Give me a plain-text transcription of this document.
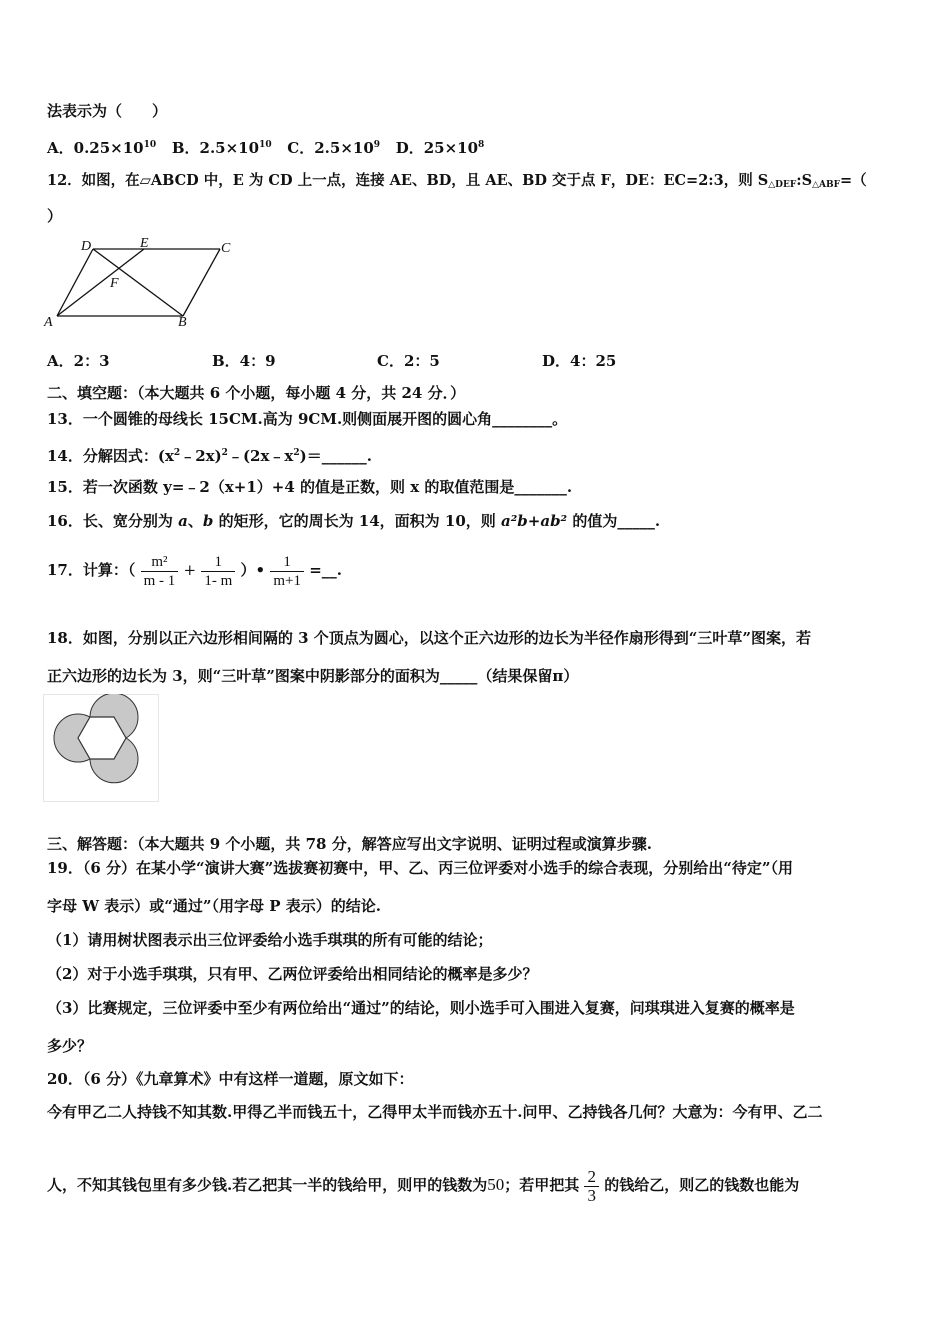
法表示为（　　）
A．$0.25\times 10^{10}$ B．$2.5\times 10^{10}$ C．$2.5\times 10^9$ D．$25\times 10^8$
12．如图，在▱ABCD 中，E 为 CD 上一点，连接 AE、BD，且 AE、BD 交于点 F，DE：EC=2:3，则 $S_{\triangle DEF}:S_{\triangle ABF}=$（
）
A	B
C
D	E
F
A．2：3	B．4：9	C．2：5	D．4：25
二、填空题：（本大题共 6 个小题，每小题 4 分，共 24 分．）
13．一个圆锥的母线长 15CM.高为 9CM.则侧面展开图的圆心角________。
14．分解因式：$(x^2﹣2x)^2﹣(2x﹣x^2)=\_\_\_\_\_\_$.
15．若一次函数 y=﹣2（x+1）+4 的值是正数，则 x 的取值范围是_______.
16．长、宽分别为 a、b 的矩形，它的周长为 14，面积为 10，则 a²b+ab² 的值为_____.
17．计算：（ $\frac{\text{m²}}{m - 1} + \frac{1}{1- m}$ ）• $\frac{1}{m+1}$ =__.
18．如图，分别以正六边形相间隔的 3 个顶点为圆心，以这个正六边形的边长为半径作扇形得到“三叶草”图案，若
正六边形的边长为 3，则“三叶草”图案中阴影部分的面积为_____（结果保留π）
三、解答题：（本大题共 9 个小题，共 78 分，解答应写出文字说明、证明过程或演算步骤.
19．（6 分）在某小学“演讲大赛”选拔赛初赛中，甲、乙、丙三位评委对小选手的综合表现，分别给出“待定”（用
字母 W 表示）或“通过”（用字母 P 表示）的结论.
（1）请用树状图表示出三位评委给小选手琪琪的所有可能的结论；
（2）对于小选手琪琪，只有甲、乙两位评委给出相同结论的概率是多少？
（3）比赛规定，三位评委中至少有两位给出“通过”的结论，则小选手可入围进入复赛，问琪琪进入复赛的概率是
多少？
20．（6 分）《九章算术》中有这样一道题，原文如下：
今有甲乙二人持钱不知其数.甲得乙半而钱五十，乙得甲太半而钱亦五十.问甲、乙持钱各几何？大意为：今有甲、乙二
人，不知其钱包里有多少钱.若乙把其一半的钱给甲，则甲的钱数为50；若甲把其 $\frac{2}{3}$ 的钱给乙，则乙的钱数也能为
